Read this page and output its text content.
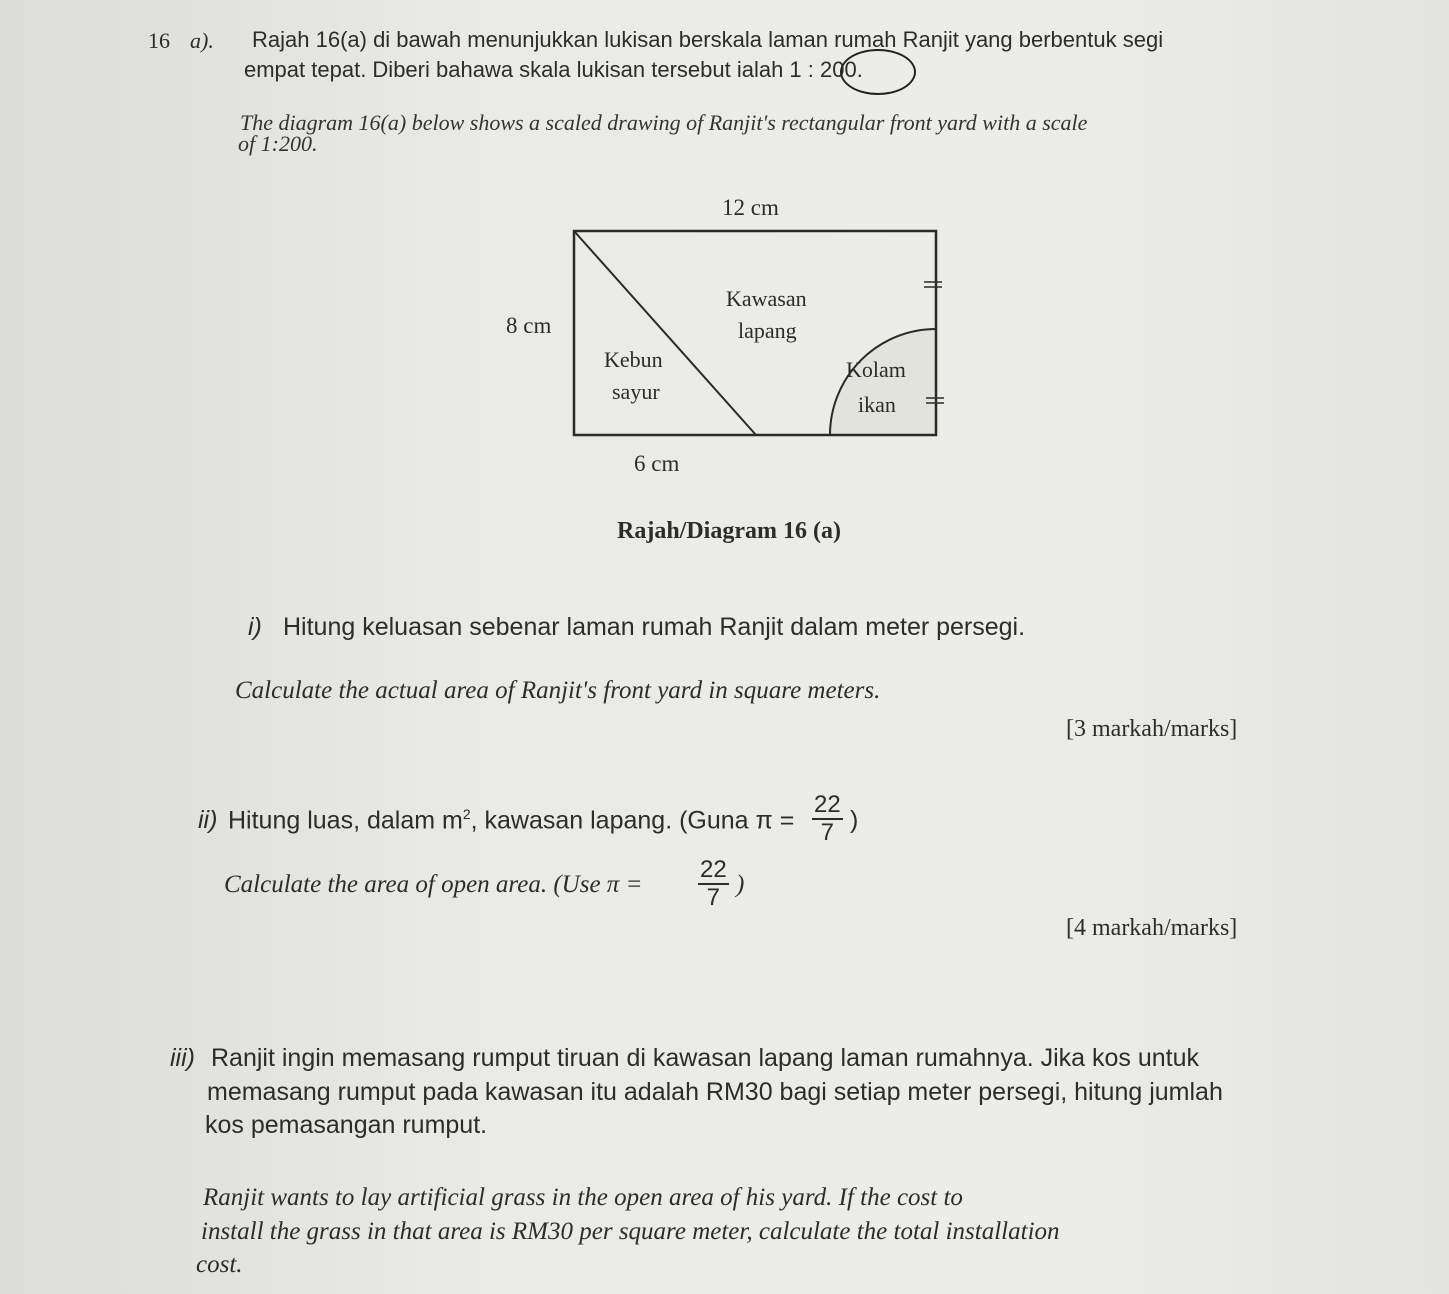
16 a). Rajah 16(a) di bawah menunjukkan lukisan berskala laman rumah Ranjit yang berbentuk segi

empat tepat. Diberi bahawa skala lukisan tersebut ialah 1 : 200.

The diagram 16(a) below shows a scaled drawing of Ranjit's rectangular front yard with a scale

of 1:200.

12 cm
8 cm
6 cm
Kawasan
lapang
Kebun
sayur
Kolam
ikan

Rajah/Diagram 16 (a)

i) Hitung keluasan sebenar laman rumah Ranjit dalam meter persegi.

Calculate the actual area of Ranjit's front yard in square meters.

[3 markah/marks]

ii) Hitung luas, dalam $m^2$, kawasan lapang. (Guna $\pi = \frac{22}{7}$ )

Calculate the area of open area. (Use $\pi = \frac{22}{7}$ )

[4 markah/marks]

iii) Ranjit ingin memasang rumput tiruan di kawasan lapang laman rumahnya. Jika kos untuk

memasang rumput pada kawasan itu adalah RM30 bagi setiap meter persegi, hitung jumlah

kos pemasangan rumput.

Ranjit wants to lay artificial grass in the open area of his yard. If the cost to

install the grass in that area is RM30 per square meter, calculate the total installation

cost.
